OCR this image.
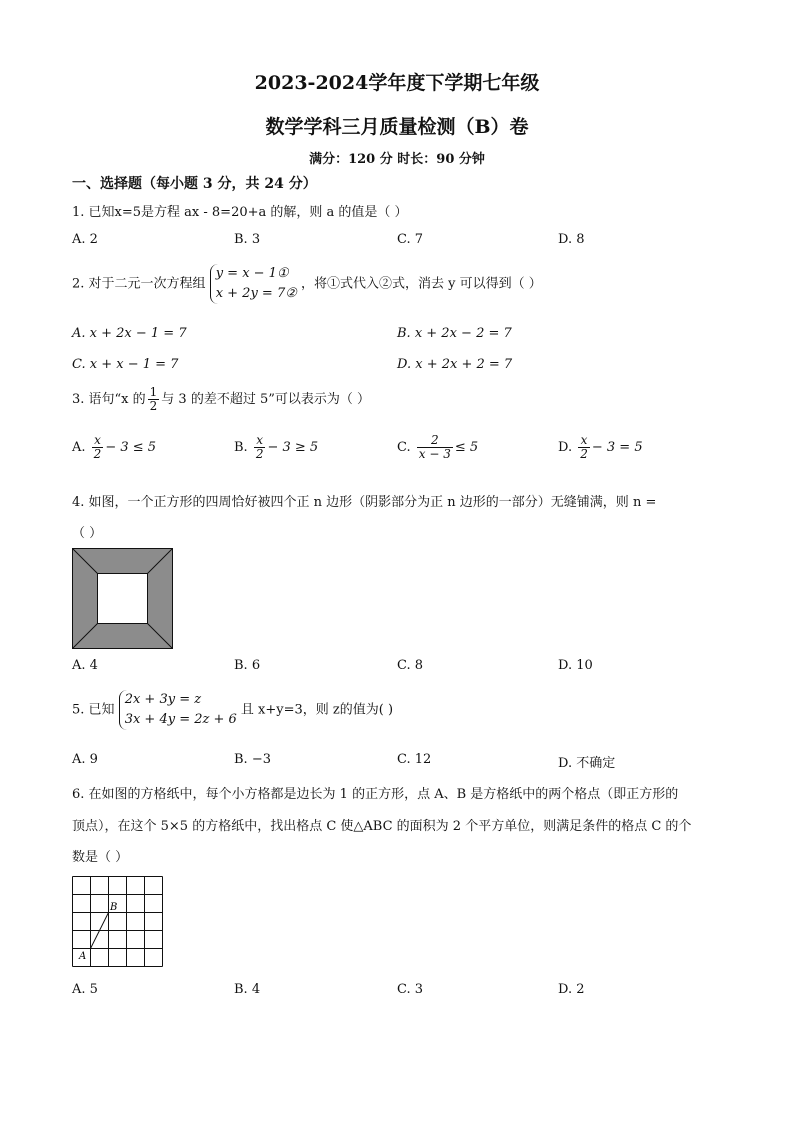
2023-2024学年度下学期七年级
数学学科三月质量检测（B）卷
满分：120 分 时长：90 分钟
一、选择题（每小题 3 分，共 24 分）
1. 已知x=5是方程 ax - 8=20+a 的解，则 a 的值是（ ）
A. 2	B. 3	C. 7	D. 8
2. 对于二元一次方程组
y = x − 1①
x + 2y = 7②
，将①式代入②式，消去 y 可以得到（ ）
A. x + 2x − 1 = 7	B. x + 2x − 2 = 7
C. x + x − 1 = 7	D. x + 2x + 2 = 7
3. 语句“x 的 $\frac{1}{2}$ 与 3 的差不超过 5”可以表示为（ ）
A. $\frac{x}{2} - 3 \le 5$	B. $\frac{x}{2} - 3 \ge 5$	C. $\frac{2}{x - 3} \le 5$	D. $\frac{x}{2} - 3 = 5$
4. 如图，一个正方形的四周恰好被四个正 n 边形（阴影部分为正 n 边形的一部分）无缝铺满，则 n =
（ ）
A. 4	B. 6	C. 8	D. 10
5. 已知
2x + 3y = z
3x + 4y = 2z + 6
且 x+y=3，则 z的值为( )
A. 9	B. −3	C. 12	D. 不确定
6. 在如图的方格纸中，每个小方格都是边长为 1 的正方形，点 A、B 是方格纸中的两个格点（即正方形的
顶点），在这个 5×5 的方格纸中，找出格点 C 使△ABC 的面积为 2 个平方单位，则满足条件的格点 C 的个
数是（ ）
A
B
A. 5	B. 4	C. 3	D. 2
